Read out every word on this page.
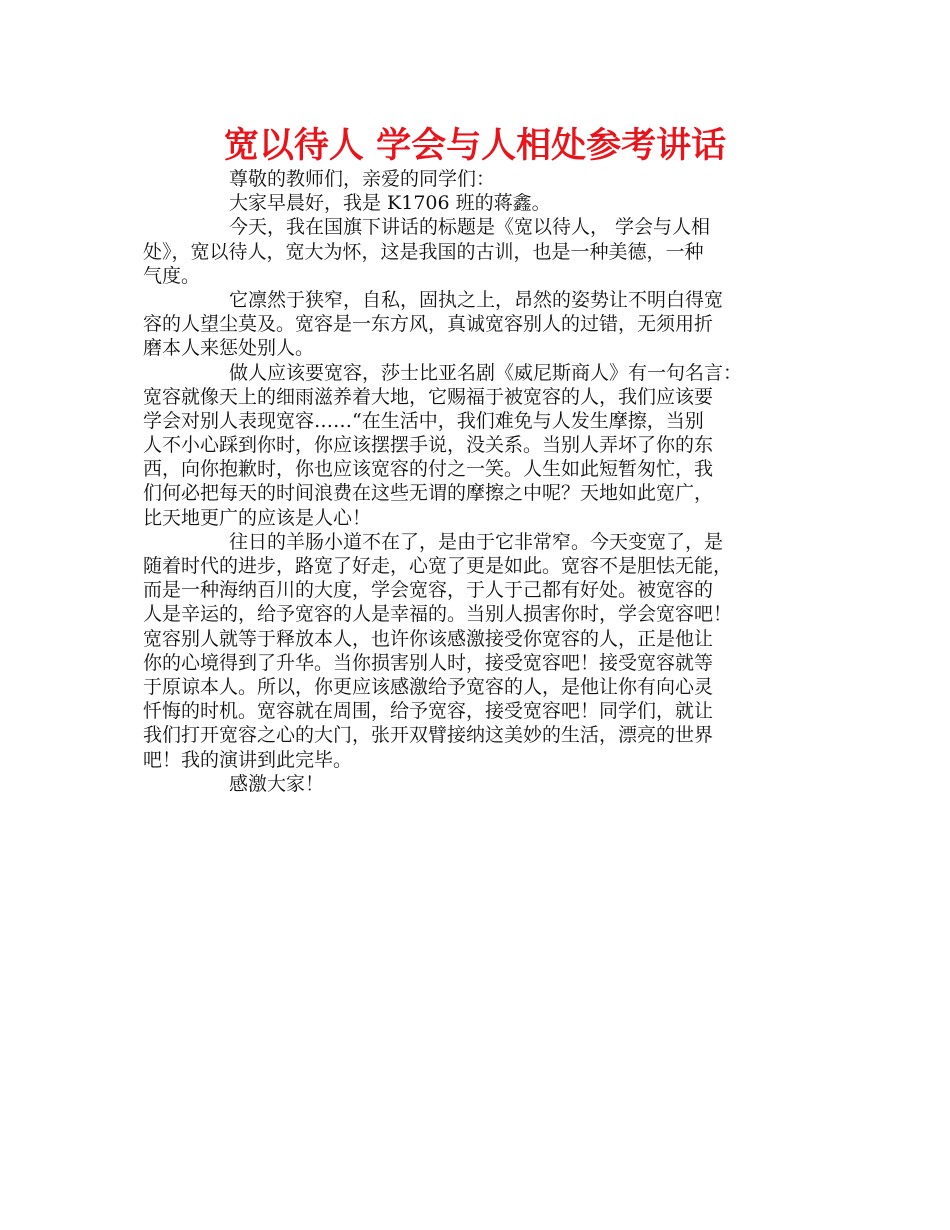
宽以待人 学会与人相处参考讲话
尊敬的教师们，亲爱的同学们：
大家早晨好，我是 K1706 班的蒋鑫。
今天，我在国旗下讲话的标题是《宽以待人， 学会与人相
处》，宽以待人，宽大为怀，这是我国的古训，也是一种美德，一种
气度。
它凛然于狭窄，自私，固执之上，昂然的姿势让不明白得宽
容的人望尘莫及。宽容是一东方风，真诚宽容别人的过错，无须用折
磨本人来惩处别人。
做人应该要宽容，莎士比亚名剧《威尼斯商人》有一句名言：
宽容就像天上的细雨滋养着大地，它赐福于被宽容的人，我们应该要
学会对别人表现宽容……“在生活中，我们难免与人发生摩擦，当别
人不小心踩到你时，你应该摆摆手说，没关系。当别人弄坏了你的东
西，向你抱歉时，你也应该宽容的付之一笑。人生如此短暂匆忙，我
们何必把每天的时间浪费在这些无谓的摩擦之中呢？天地如此宽广，
比天地更广的应该是人心！
往日的羊肠小道不在了，是由于它非常窄。今天变宽了，是
随着时代的进步，路宽了好走，心宽了更是如此。宽容不是胆怯无能，
而是一种海纳百川的大度，学会宽容，于人于己都有好处。被宽容的
人是辛运的，给予宽容的人是幸福的。当别人损害你时，学会宽容吧！
宽容别人就等于释放本人，也许你该感激接受你宽容的人，正是他让
你的心境得到了升华。当你损害别人时，接受宽容吧！接受宽容就等
于原谅本人。所以，你更应该感激给予宽容的人，是他让你有向心灵
忏悔的时机。宽容就在周围，给予宽容，接受宽容吧！同学们，就让
我们打开宽容之心的大门，张开双臂接纳这美妙的生活，漂亮的世界
吧！我的演讲到此完毕。
感激大家！
